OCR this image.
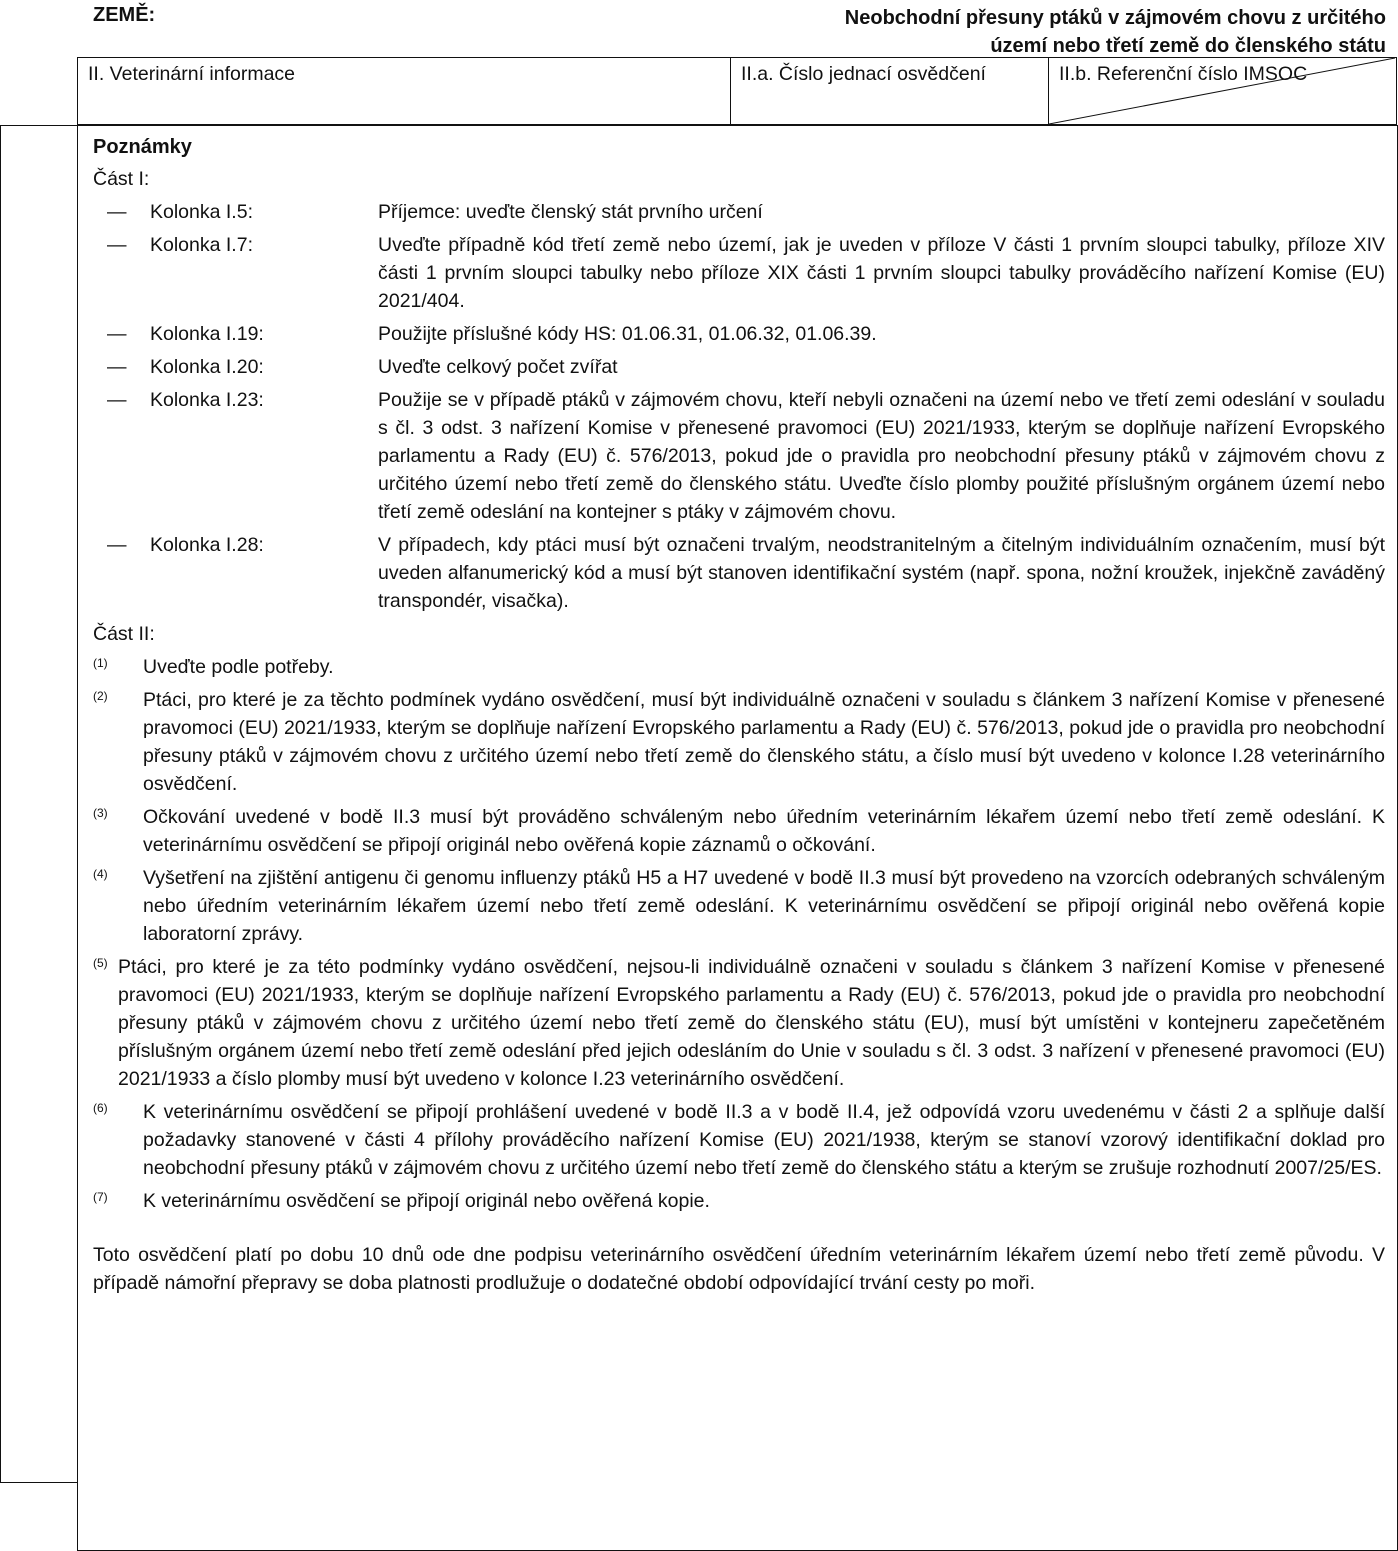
ZEMĚ:	Neobchodní přesuny ptáků v zájmovém chovu z určitého
území nebo třetí země do členského státu
II. Veterinární informace	II.a. Číslo jednací osvědčení	II.b. Referenční číslo IMSOC
Poznámky
Část I:
—	Kolonka I.5:	Příjemce: uveďte členský stát prvního určení
—	Kolonka I.7:	Uveďte případně kód třetí země nebo území, jak je uveden v příloze V části 1 prvním sloupci tabulky, příloze XIV části 1 prvním sloupci tabulky nebo příloze XIX části 1 prvním sloupci tabulky prováděcího nařízení Komise (EU) 2021/404.
—	Kolonka I.19:	Použijte příslušné kódy HS: 01.06.31, 01.06.32, 01.06.39.
—	Kolonka I.20:	Uveďte celkový počet zvířat
—	Kolonka I.23:	Použije se v případě ptáků v zájmovém chovu, kteří nebyli označeni na území nebo ve třetí zemi odeslání v souladu s čl. 3 odst. 3 nařízení Komise v přenesené pravomoci (EU) 2021/1933, kterým se doplňuje nařízení Evropského parlamentu a Rady (EU) č. 576/2013, pokud jde o pravidla pro neobchodní přesuny ptáků v zájmovém chovu z určitého území nebo třetí země do členského státu. Uveďte číslo plomby použité příslušným orgánem území nebo třetí země odeslání na kontejner s ptáky v zájmovém chovu.
—	Kolonka I.28:	V případech, kdy ptáci musí být označeni trvalým, neodstranitelným a čitelným individuálním označením, musí být uveden alfanumerický kód a musí být stanoven identifikační systém (např. spona, nožní kroužek, injekčně zaváděný transpondér, visačka).
Část II:
(1)	Uveďte podle potřeby.
(2)	Ptáci, pro které je za těchto podmínek vydáno osvědčení, musí být individuálně označeni v souladu s článkem 3 nařízení Komise v přenesené pravomoci (EU) 2021/1933, kterým se doplňuje nařízení Evropského parlamentu a Rady (EU) č. 576/2013, pokud jde o pravidla pro neobchodní přesuny ptáků v zájmovém chovu z určitého území nebo třetí země do členského státu, a číslo musí být uvedeno v kolonce I.28 veterinárního osvědčení.
(3)	Očkování uvedené v bodě II.3 musí být prováděno schváleným nebo úředním veterinárním lékařem území nebo třetí země odeslání. K veterinárnímu osvědčení se připojí originál nebo ověřená kopie záznamů o očkování.
(4)	Vyšetření na zjištění antigenu či genomu influenzy ptáků H5 a H7 uvedené v bodě II.3 musí být provedeno na vzorcích odebraných schváleným nebo úředním veterinárním lékařem území nebo třetí země odeslání. K veterinárnímu osvědčení se připojí originál nebo ověřená kopie laboratorní zprávy.
(5) Ptáci, pro které je za této podmínky vydáno osvědčení, nejsou-li individuálně označeni v souladu s článkem 3 nařízení Komise v přenesené pravomoci (EU) 2021/1933, kterým se doplňuje nařízení Evropského parlamentu a Rady (EU) č. 576/2013, pokud jde o pravidla pro neobchodní přesuny ptáků v zájmovém chovu z určitého území nebo třetí země do členského státu (EU), musí být umístěni v kontejneru zapečetěném příslušným orgánem území nebo třetí země odeslání před jejich odesláním do Unie v souladu s čl. 3 odst. 3 nařízení v přenesené pravomoci (EU) 2021/1933 a číslo plomby musí být uvedeno v kolonce I.23 veterinárního osvědčení.
(6)	K veterinárnímu osvědčení se připojí prohlášení uvedené v bodě II.3 a v bodě II.4, jež odpovídá vzoru uvedenému v části 2 a splňuje další požadavky stanovené v části 4 přílohy prováděcího nařízení Komise (EU) 2021/1938, kterým se stanoví vzorový identifikační doklad pro neobchodní přesuny ptáků v zájmovém chovu z určitého území nebo třetí země do členského státu a kterým se zrušuje rozhodnutí 2007/25/ES.
(7)	K veterinárnímu osvědčení se připojí originál nebo ověřená kopie.
Toto osvědčení platí po dobu 10 dnů ode dne podpisu veterinárního osvědčení úředním veterinárním lékařem území nebo třetí země původu. V případě námořní přepravy se doba platnosti prodlužuje o dodatečné období odpovídající trvání cesty po moři.
